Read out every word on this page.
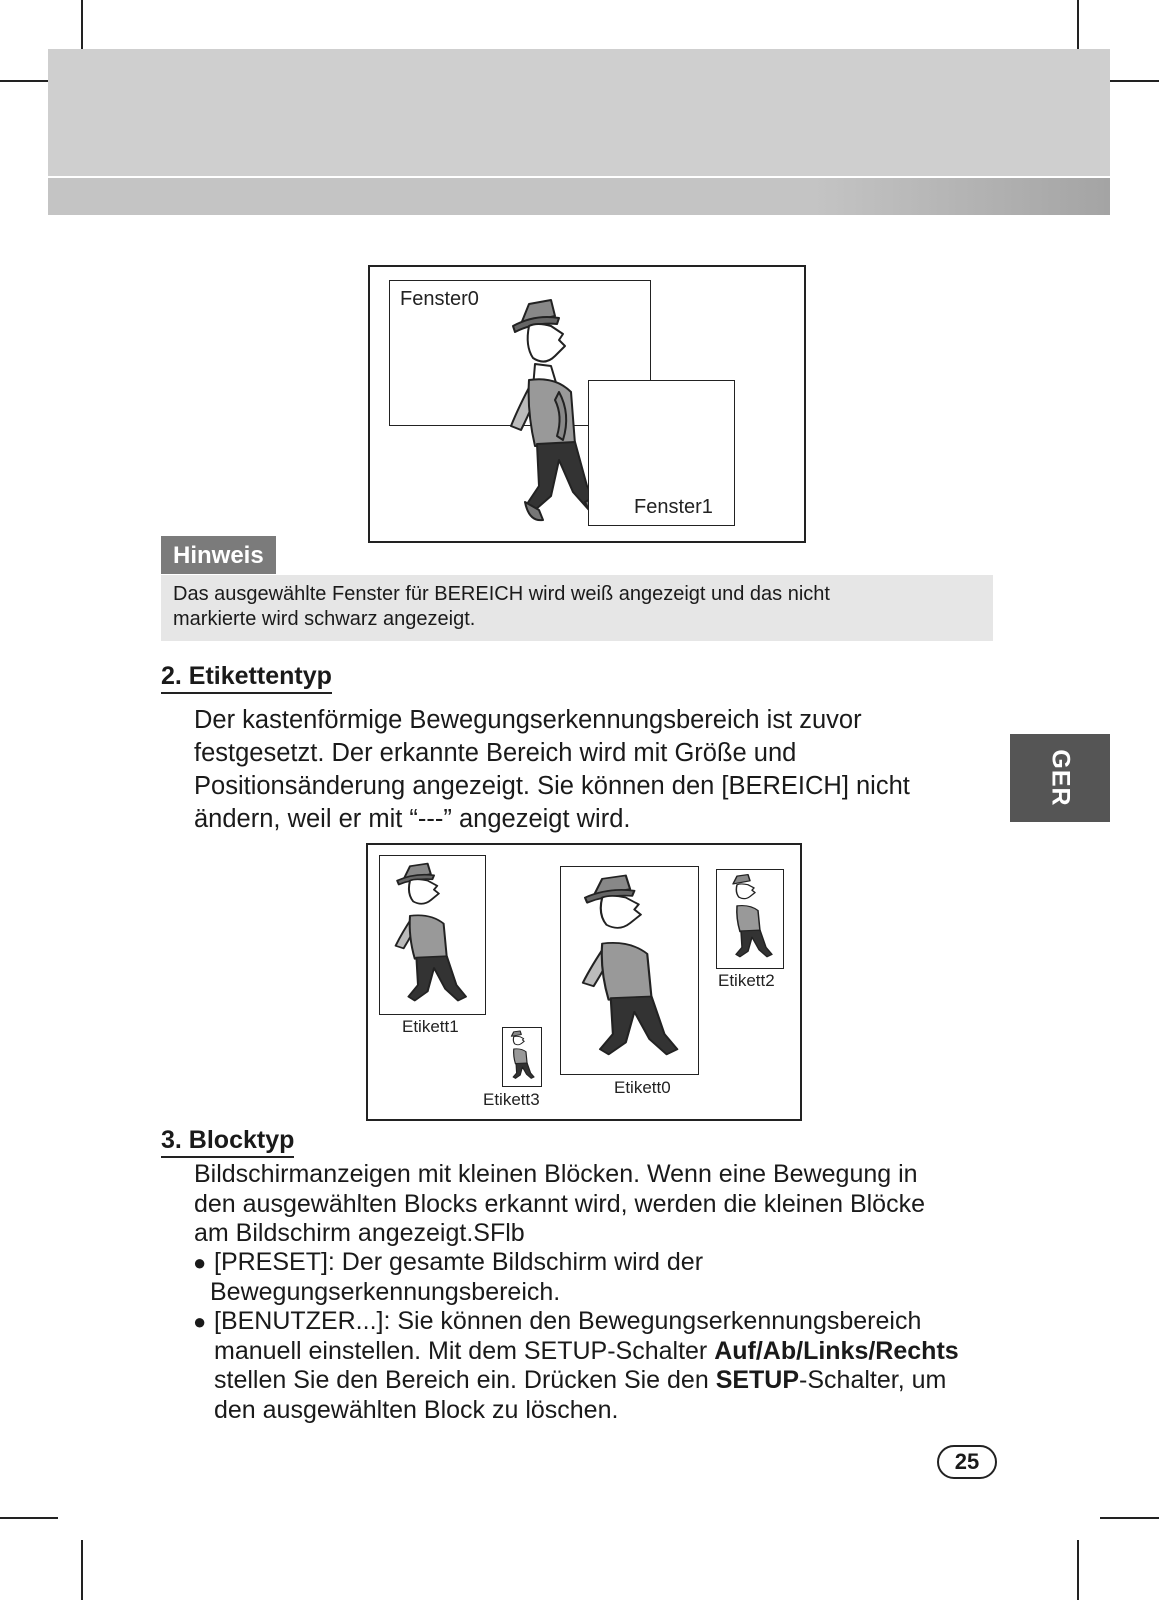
Fenster0
Fenster1
Hinweis
Das ausgewählte Fenster für BEREICH wird weiß angezeigt und das nicht
markierte wird schwarz angezeigt.
2. Etikettentyp
Der kastenförmige Bewegungserkennungsbereich ist zuvor
festgesetzt. Der erkannte Bereich wird mit Größe und
Positionsänderung angezeigt. Sie können den [BEREICH] nicht
ändern, weil er mit “---” angezeigt wird.
Etikett1
Etikett0
Etikett2
Etikett3
3. Blocktyp
Bildschirmanzeigen mit kleinen Blöcken. Wenn eine Bewegung in
den ausgewählten Blocks erkannt wird, werden die kleinen Blöcke
am Bildschirm angezeigt.SFlb
● [PRESET]: Der gesamte Bildschirm wird der
Bewegungserkennungsbereich.
● [BENUTZER...]: Sie können den Bewegungserkennungsbereich
manuell einstellen. Mit dem SETUP-Schalter Auf/Ab/Links/Rechts
stellen Sie den Bereich ein. Drücken Sie den SETUP-Schalter, um
den ausgewählten Block zu löschen.
GER
25
